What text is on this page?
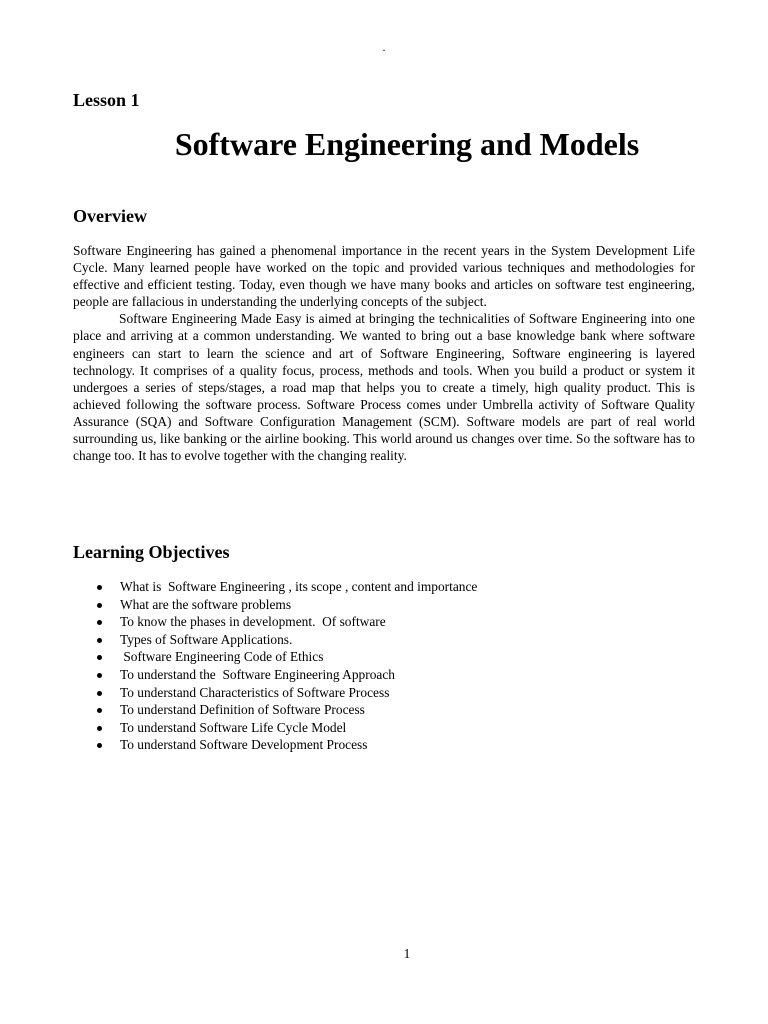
.
Lesson 1
Software Engineering and Models
Overview

Software Engineering has gained a phenomenal importance in the recent years in the System Development Life Cycle. Many learned people have worked on the topic and provided various techniques and methodologies for effective and efficient testing. Today, even though we have many books and articles on software test engineering, people are fallacious in understanding the underlying concepts of the subject.

Software Engineering Made Easy is aimed at bringing the technicalities of Software Engineering into one place and arriving at a common understanding. We wanted to bring out a base knowledge bank where software engineers can start to learn the science and art of Software Engineering, Software engineering is layered technology. It comprises of a quality focus, process, methods and tools. When you build a product or system it undergoes a series of steps/stages, a road map that helps you to create a timely, high quality product. This is achieved following the software process. Software Process comes under Umbrella activity of Software Quality Assurance (SQA) and Software Configuration Management (SCM). Software models are part of real world surrounding us, like banking or the airline booking. This world around us changes over time. So the software has to change too. It has to evolve together with the changing reality.

Learning Objectives
What is  Software Engineering , its scope , content and importance
What are the software problems
To know the phases in development.  Of software
Types of Software Applications.
Software Engineering Code of Ethics
To understand the  Software Engineering Approach
To understand Characteristics of Software Process
To understand Definition of Software Process
To understand Software Life Cycle Model
To understand Software Development Process
1
